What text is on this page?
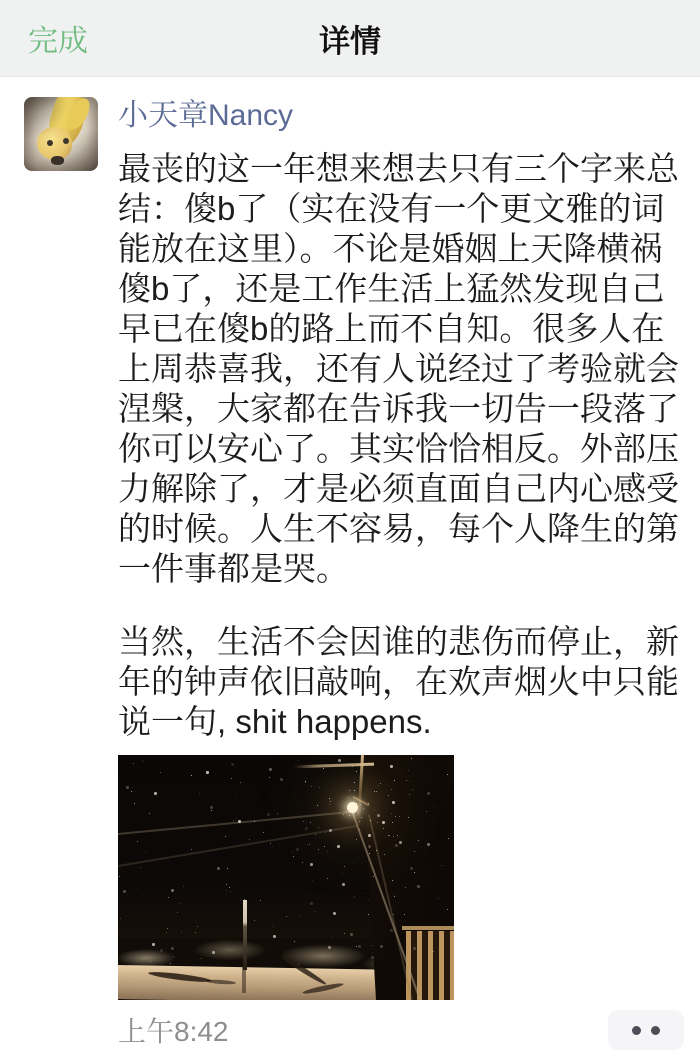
完成	详情
小天章Nancy
最丧的这一年想来想去只有三个字来总
结：傻b了（实在没有一个更文雅的词
能放在这里）。不论是婚姻上天降横祸
傻b了，还是工作生活上猛然发现自己
早已在傻b的路上而不自知。很多人在
上周恭喜我，还有人说经过了考验就会
涅槃，大家都在告诉我一切告一段落了
你可以安心了。其实恰恰相反。外部压
力解除了，才是必须直面自己内心感受
的时候。人生不容易，每个人降生的第
一件事都是哭。
当然，生活不会因谁的悲伤而停止，新
年的钟声依旧敲响，在欢声烟火中只能
说一句, shit happens.
上午8:42
